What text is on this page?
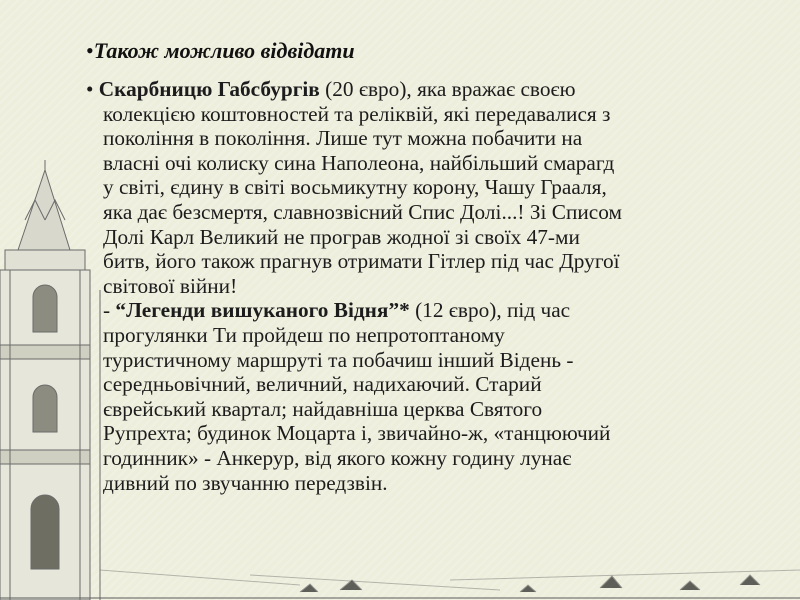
•Також можливо відвідати

• Скарбницю Габсбургів (20 євро), яка вражає своєю
колекцією коштовностей та реліквій, які передавалися з
покоління в покоління. Лише тут можна побачити на
власні очі колиску сина Наполеона, найбільший смарагд
у світі, єдину в світі восьмикутну корону, Чашу Грааля,
яка дає безсмертя, славнозвісний Спис Долі...! Зі Списом
Долі Карл Великий не програв жодної зі своїх 47-ми
битв, його також прагнув отримати Гітлер під час Другої
світової війни!

- “Легенди вишуканого Відня”* (12 євро), під час
прогулянки Ти пройдеш по непротоптаному
туристичному маршруті та побачиш інший Відень -
середньовічний, величний, надихаючий. Старий
єврейський квартал; найдавніша церква Святого
Рупрехта; будинок Моцарта і, звичайно-ж, «танцюючий
годинник» - Анкерур, від якого кожну годину лунає
дивний по звучанню передзвін.
